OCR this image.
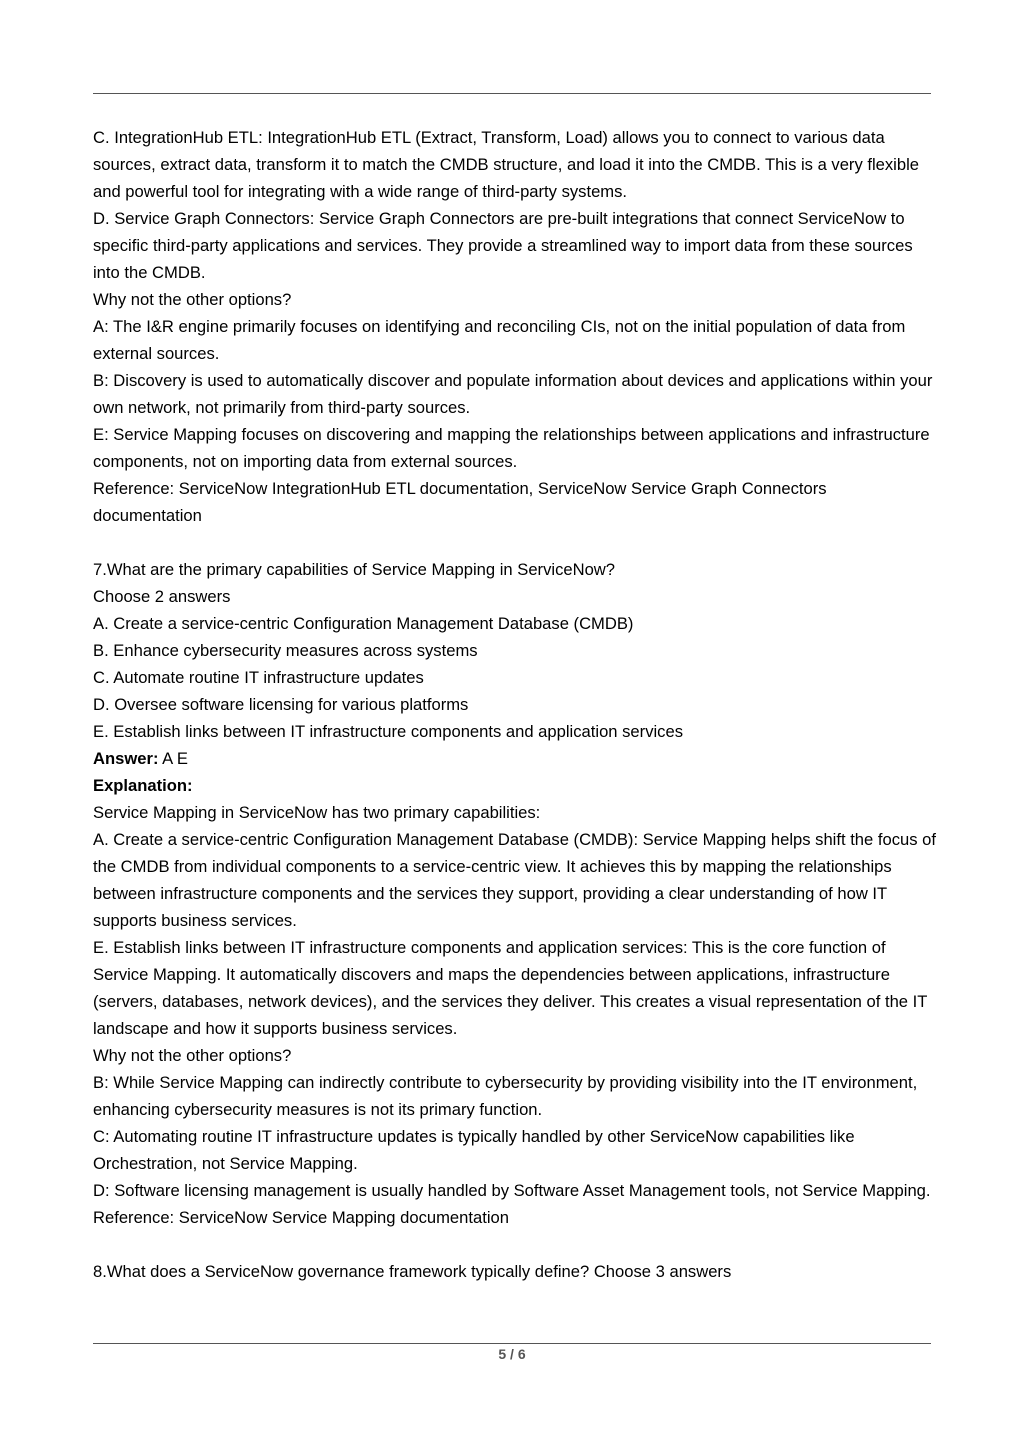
C. IntegrationHub ETL: IntegrationHub ETL (Extract, Transform, Load) allows you to connect to various data sources, extract data, transform it to match the CMDB structure, and load it into the CMDB. This is a very flexible and powerful tool for integrating with a wide range of third-party systems.

D. Service Graph Connectors: Service Graph Connectors are pre-built integrations that connect ServiceNow to specific third-party applications and services. They provide a streamlined way to import data from these sources into the CMDB.

Why not the other options?

A: The I&R engine primarily focuses on identifying and reconciling CIs, not on the initial population of data from external sources.

B: Discovery is used to automatically discover and populate information about devices and applications within your own network, not primarily from third-party sources.

E: Service Mapping focuses on discovering and mapping the relationships between applications and infrastructure components, not on importing data from external sources.

Reference: ServiceNow IntegrationHub ETL documentation, ServiceNow Service Graph Connectors documentation

7.What are the primary capabilities of Service Mapping in ServiceNow?

Choose 2 answers

A. Create a service-centric Configuration Management Database (CMDB)

B. Enhance cybersecurity measures across systems

C. Automate routine IT infrastructure updates

D. Oversee software licensing for various platforms

E. Establish links between IT infrastructure components and application services

Answer: A E

Explanation:

Service Mapping in ServiceNow has two primary capabilities:

A. Create a service-centric Configuration Management Database (CMDB): Service Mapping helps shift the focus of the CMDB from individual components to a service-centric view. It achieves this by mapping the relationships between infrastructure components and the services they support, providing a clear understanding of how IT supports business services.

E. Establish links between IT infrastructure components and application services: This is the core function of Service Mapping. It automatically discovers and maps the dependencies between applications, infrastructure (servers, databases, network devices), and the services they deliver. This creates a visual representation of the IT landscape and how it supports business services.

Why not the other options?

B: While Service Mapping can indirectly contribute to cybersecurity by providing visibility into the IT environment, enhancing cybersecurity measures is not its primary function.

C: Automating routine IT infrastructure updates is typically handled by other ServiceNow capabilities like Orchestration, not Service Mapping.

D: Software licensing management is usually handled by Software Asset Management tools, not Service Mapping.

Reference: ServiceNow Service Mapping documentation

8.What does a ServiceNow governance framework typically define? Choose 3 answers

5 / 6
